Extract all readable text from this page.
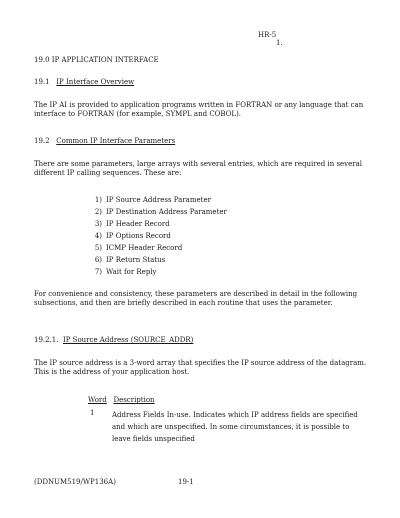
HR-5
1.
19.0 IP APPLICATION INTERFACE
19.1 IP Interface Overview
The IP AI is provided to application programs written in FORTRAN or any language that can interface to FORTRAN (for example, SYMPL and COBOL).
19.2 Common IP Interface Parameters
There are some parameters, large arrays with several entries, which are required in several different IP calling sequences. These are:
1) IP Source Address Parameter
2) IP Destination Address Parameter
3) IP Header Record
4) IP Options Record
5) ICMP Header Record
6) IP Return Status
7) Wait for Reply
For convenience and consistency, these parameters are described in detail in the following subsections, and then are briefly described in each routine that uses the parameter.
19.2.1. IP Source Address (SOURCE_ADDR)
The IP source address is a 3-word array that specifies the IP source address of the datagram. This is the address of your application host.
Word Description
1	Address Fields In-use. Indicates which IP address fields are specified and which are unspecified. In some circumstances, it is possible to leave fields unspecified
(DDNUM519/WP136A)	19-1
